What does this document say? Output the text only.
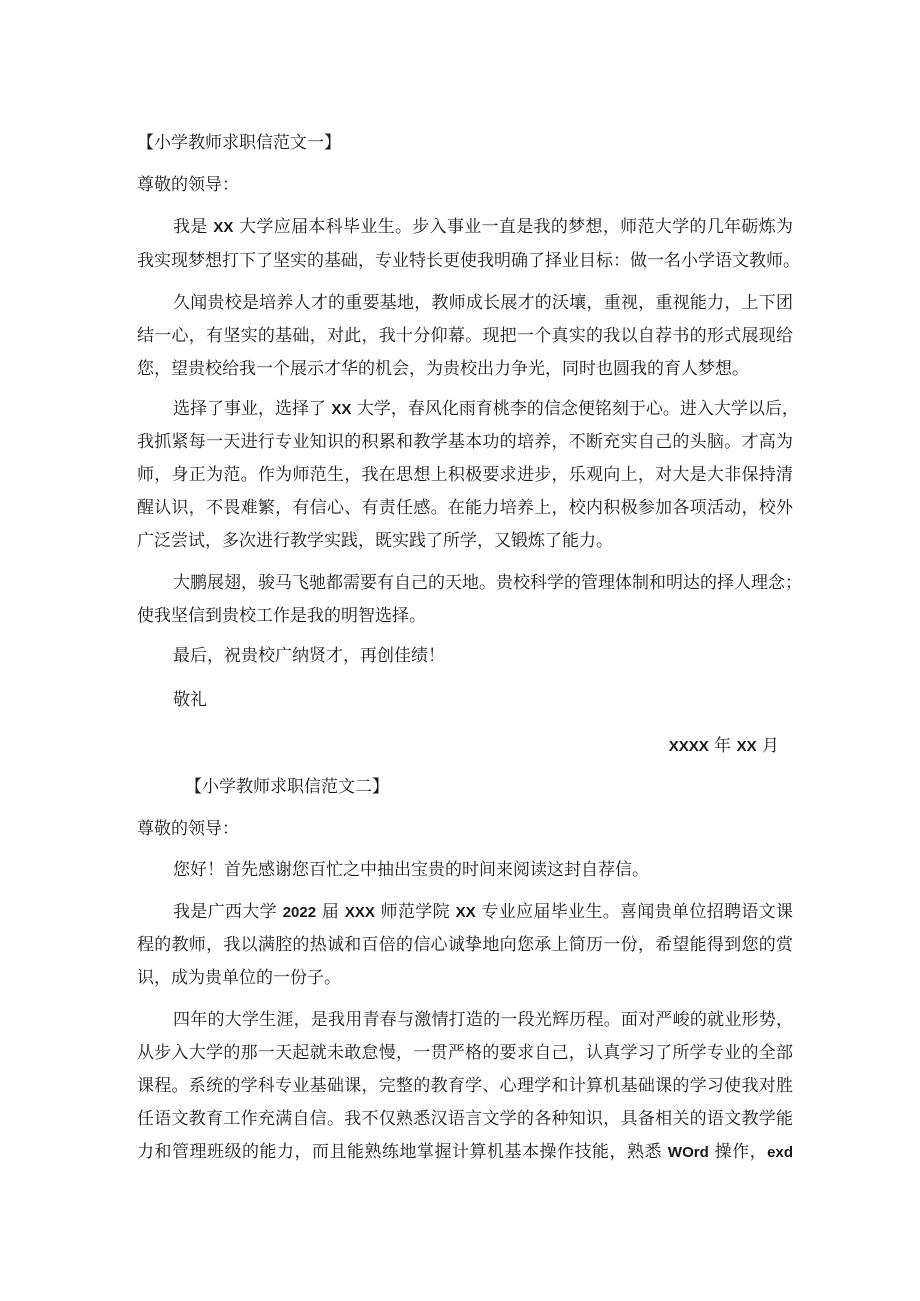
【小学教师求职信范文一】
尊敬的领导：
我是 XX 大学应届本科毕业生。步入事业一直是我的梦想，师范大学的几年砺炼为
我实现梦想打下了坚实的基础，专业特长更使我明确了择业目标：做一名小学语文教师。
久闻贵校是培养人才的重要基地，教师成长展才的沃壤，重视，重视能力，上下团
结一心，有坚实的基础，对此，我十分仰幕。现把一个真实的我以自荐书的形式展现给
您，望贵校给我一个展示才华的机会，为贵校出力争光，同时也圆我的育人梦想。
选择了事业，选择了 XX 大学，春风化雨育桃李的信念便铭刻于心。进入大学以后，
我抓紧每一天进行专业知识的积累和教学基本功的培养，不断充实自己的头脑。才高为
师，身正为范。作为师范生，我在思想上积极要求进步，乐观向上，对大是大非保持清
醒认识，不畏难繁，有信心、有责任感。在能力培养上，校内积极参加各项活动，校外
广泛尝试，多次进行教学实践，既实践了所学，又锻炼了能力。
大鹏展翅，骏马飞驰都需要有自己的天地。贵校科学的管理体制和明达的择人理念；
使我坚信到贵校工作是我的明智选择。
最后，祝贵校广纳贤才，再创佳绩！
敬礼
XXXX 年 XX 月
【小学教师求职信范文二】
尊敬的领导：
您好！首先感谢您百忙之中抽出宝贵的时间来阅读这封自荐信。
我是广西大学 2022 届 XXX 师范学院 XX 专业应届毕业生。喜闻贵单位招聘语文课
程的教师，我以满腔的热诚和百倍的信心诚挚地向您承上简历一份，希望能得到您的赏
识，成为贵单位的一份子。
四年的大学生涯，是我用青春与激情打造的一段光辉历程。面对严峻的就业形势，
从步入大学的那一天起就未敢怠慢，一贯严格的要求自己，认真学习了所学专业的全部
课程。系统的学科专业基础课，完整的教育学、心理学和计算机基础课的学习使我对胜
任语文教育工作充满自信。我不仅熟悉汉语言文学的各种知识，具备相关的语文教学能
力和管理班级的能力，而且能熟练地掌握计算机基本操作技能，熟悉 WOrd 操作，exd
